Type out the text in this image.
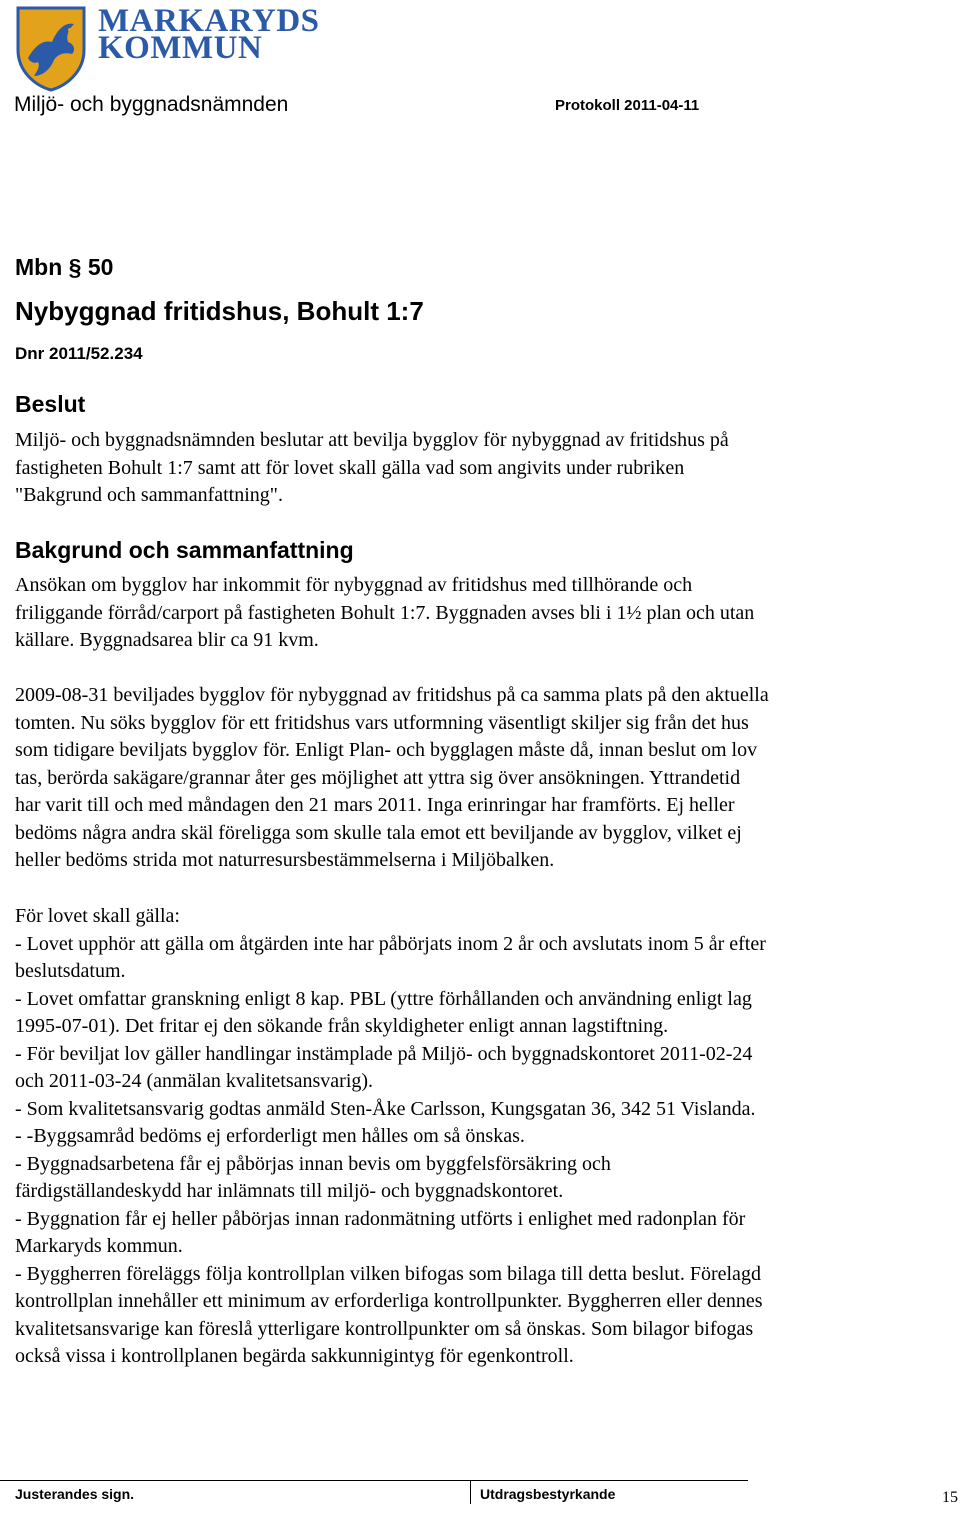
MARKARYDS
KOMMUN
Miljö- och byggnadsnämnden	Protokoll 2011-04-11
Mbn § 50
Nybyggnad fritidshus, Bohult 1:7
Dnr 2011/52.234
Beslut
Miljö- och byggnadsnämnden beslutar att bevilja bygglov för nybyggnad av fritidshus på
fastigheten Bohult 1:7 samt att för lovet skall gälla vad som angivits under rubriken
"Bakgrund och sammanfattning".
Bakgrund och sammanfattning
Ansökan om bygglov har inkommit för nybyggnad av fritidshus med tillhörande och
friliggande förråd/carport på fastigheten Bohult 1:7. Byggnaden avses bli i 1½ plan och utan
källare. Byggnadsarea blir ca 91 kvm.
2009-08-31 beviljades bygglov för nybyggnad av fritidshus på ca samma plats på den aktuella
tomten. Nu söks bygglov för ett fritidshus vars utformning väsentligt skiljer sig från det hus
som tidigare beviljats bygglov för. Enligt Plan- och bygglagen måste då, innan beslut om lov
tas, berörda sakägare/grannar åter ges möjlighet att yttra sig över ansökningen. Yttrandetid
har varit till och med måndagen den 21 mars 2011. Inga erinringar har framförts. Ej heller
bedöms några andra skäl föreligga som skulle tala emot ett beviljande av bygglov, vilket ej
heller bedöms strida mot naturresursbestämmelserna i Miljöbalken.
För lovet skall gälla:
- Lovet upphör att gälla om åtgärden inte har påbörjats inom 2 år och avslutats inom 5 år efter
beslutsdatum.
- Lovet omfattar granskning enligt 8 kap. PBL (yttre förhållanden och användning enligt lag
1995-07-01). Det fritar ej den sökande från skyldigheter enligt annan lagstiftning.
- För beviljat lov gäller handlingar instämplade på Miljö- och byggnadskontoret 2011-02-24
och 2011-03-24 (anmälan kvalitetsansvarig).
- Som kvalitetsansvarig godtas anmäld Sten-Åke Carlsson, Kungsgatan 36, 342 51 Vislanda.
- -Byggsamråd bedöms ej erforderligt men hålles om så önskas.
- Byggnadsarbetena får ej påbörjas innan bevis om byggfelsförsäkring och
färdigställandeskydd har inlämnats till miljö- och byggnadskontoret.
- Byggnation får ej heller påbörjas innan radonmätning utförts i enlighet med radonplan för
Markaryds kommun.
- Byggherren föreläggs följa kontrollplan vilken bifogas som bilaga till detta beslut. Förelagd
kontrollplan innehåller ett minimum av erforderliga kontrollpunkter. Byggherren eller dennes
kvalitetsansvarige kan föreslå ytterligare kontrollpunkter om så önskas. Som bilagor bifogas
också vissa i kontrollplanen begärda sakkunnigintyg för egenkontroll.
Justerandes sign.	Utdragsbestyrkande	15
